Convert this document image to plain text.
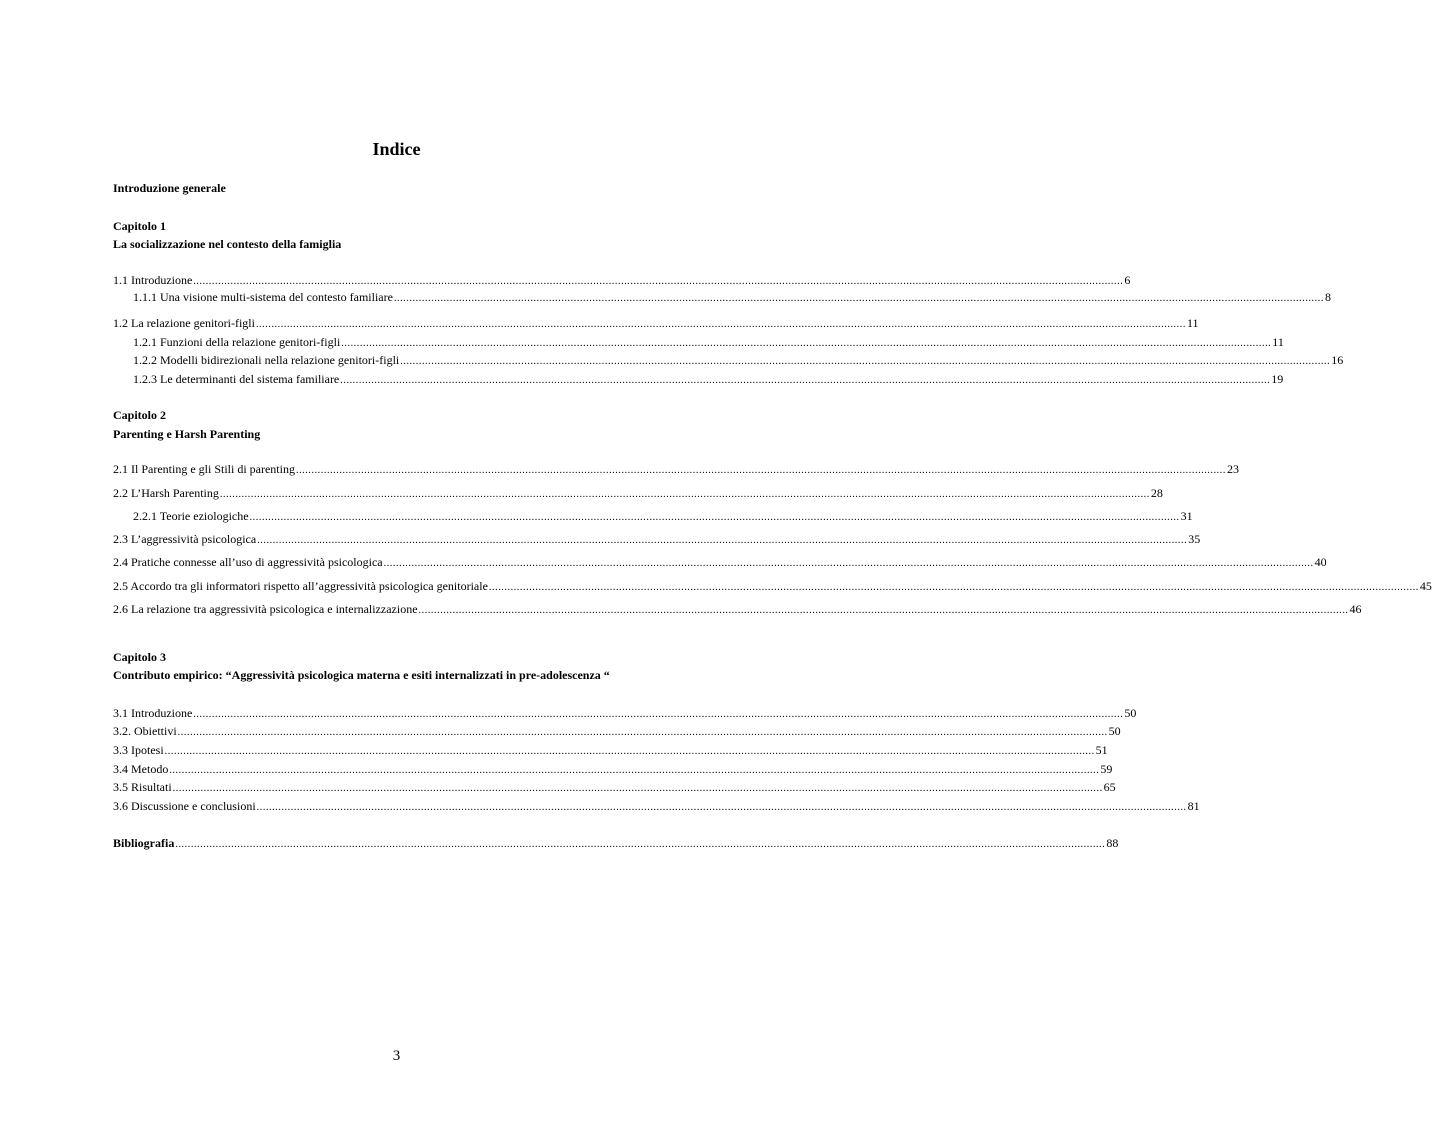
Indice
Introduzione generale
Capitolo 1
La socializzazione nel contesto della famiglia
1.1 Introduzione ............................................................................................................................................................................................................................................................................................................ 6
1.1.1 Una visione multi-sistema del contesto familiare ............................................................................................................................................................................................................................................................................................................ 8
1.2 La relazione genitori-figli ............................................................................................................................................................................................................................................................................................................ 11
1.2.1 Funzioni della relazione genitori-figli ............................................................................................................................................................................................................................................................................................................ 11
1.2.2 Modelli bidirezionali nella relazione genitori-figli ............................................................................................................................................................................................................................................................................................................ 16
1.2.3 Le determinanti del sistema familiare ............................................................................................................................................................................................................................................................................................................ 19
Capitolo 2
Parenting e Harsh Parenting
2.1 Il Parenting e gli Stili di parenting ............................................................................................................................................................................................................................................................................................................ 23
2.2 L’Harsh Parenting ............................................................................................................................................................................................................................................................................................................ 28
2.2.1 Teorie eziologiche ............................................................................................................................................................................................................................................................................................................ 31
2.3 L’aggressività psicologica ............................................................................................................................................................................................................................................................................................................ 35
2.4 Pratiche connesse all’uso di aggressività psicologica ............................................................................................................................................................................................................................................................................................................ 40
2.5 Accordo tra gli informatori rispetto all’aggressività psicologica genitoriale ............................................................................................................................................................................................................................................................................................................ 45
2.6 La relazione tra aggressività psicologica e internalizzazione ............................................................................................................................................................................................................................................................................................................ 46
Capitolo 3
Contributo empirico: “Aggressività psicologica materna e esiti internalizzati in pre-adolescenza “
3.1 Introduzione ............................................................................................................................................................................................................................................................................................................ 50
3.2. Obiettivi ............................................................................................................................................................................................................................................................................................................ 50
3.3 Ipotesi ............................................................................................................................................................................................................................................................................................................ 51
3.4 Metodo ............................................................................................................................................................................................................................................................................................................ 59
3.5 Risultati ............................................................................................................................................................................................................................................................................................................ 65
3.6 Discussione e conclusioni ............................................................................................................................................................................................................................................................................................................ 81
Bibliografia ............................................................................................................................................................................................................................................................................................................ 88
3
